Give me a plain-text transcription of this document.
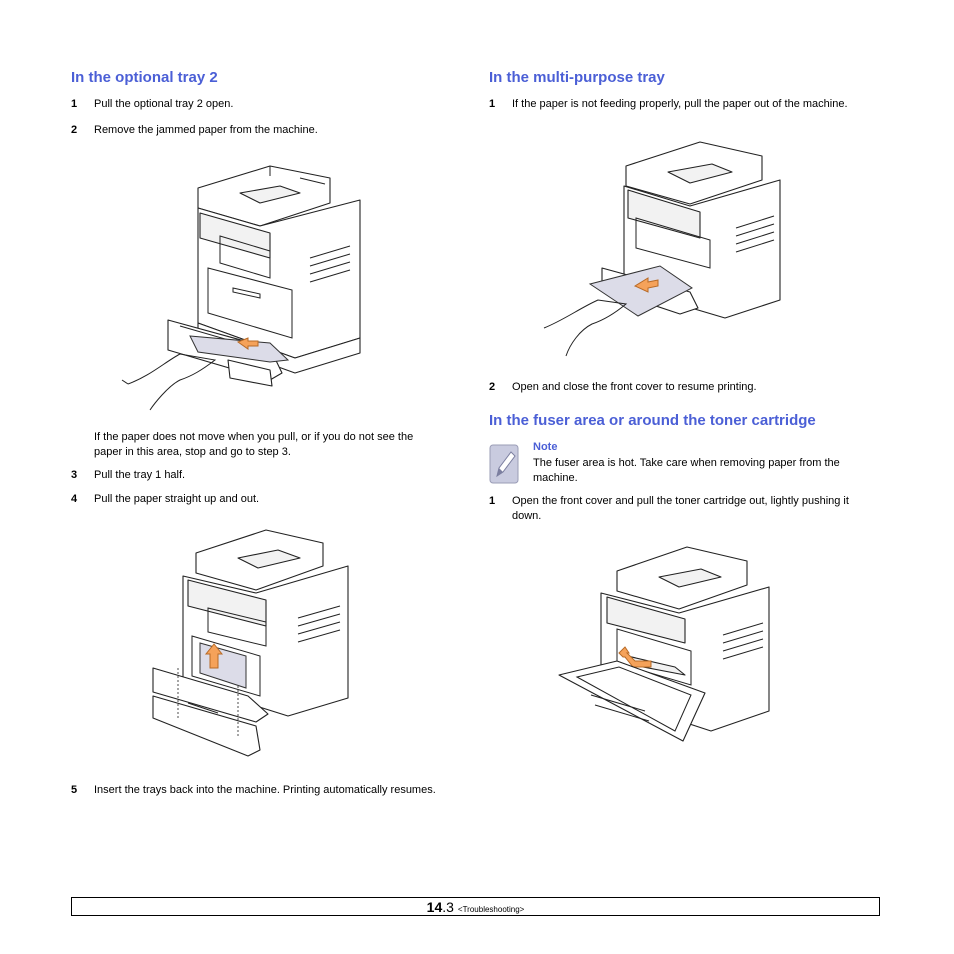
In the optional tray 2
1 Pull the optional tray 2 open.
2 Remove the jammed paper from the machine.
If the paper does not move when you pull, or if you do not see the
paper in this area, stop and go to step 3.
3 Pull the tray 1 half.
4 Pull the paper straight up and out.
5 Insert the trays back into the machine. Printing automatically resumes.
In the multi-purpose tray
1 If the paper is not feeding properly, pull the paper out of the machine.
2 Open and close the front cover to resume printing.
In the fuser area or around the toner cartridge
Note
The fuser area is hot. Take care when removing paper from the
machine.
1 Open the front cover and pull the toner cartridge out, lightly pushing it
down.
14.3 <Troubleshooting>
